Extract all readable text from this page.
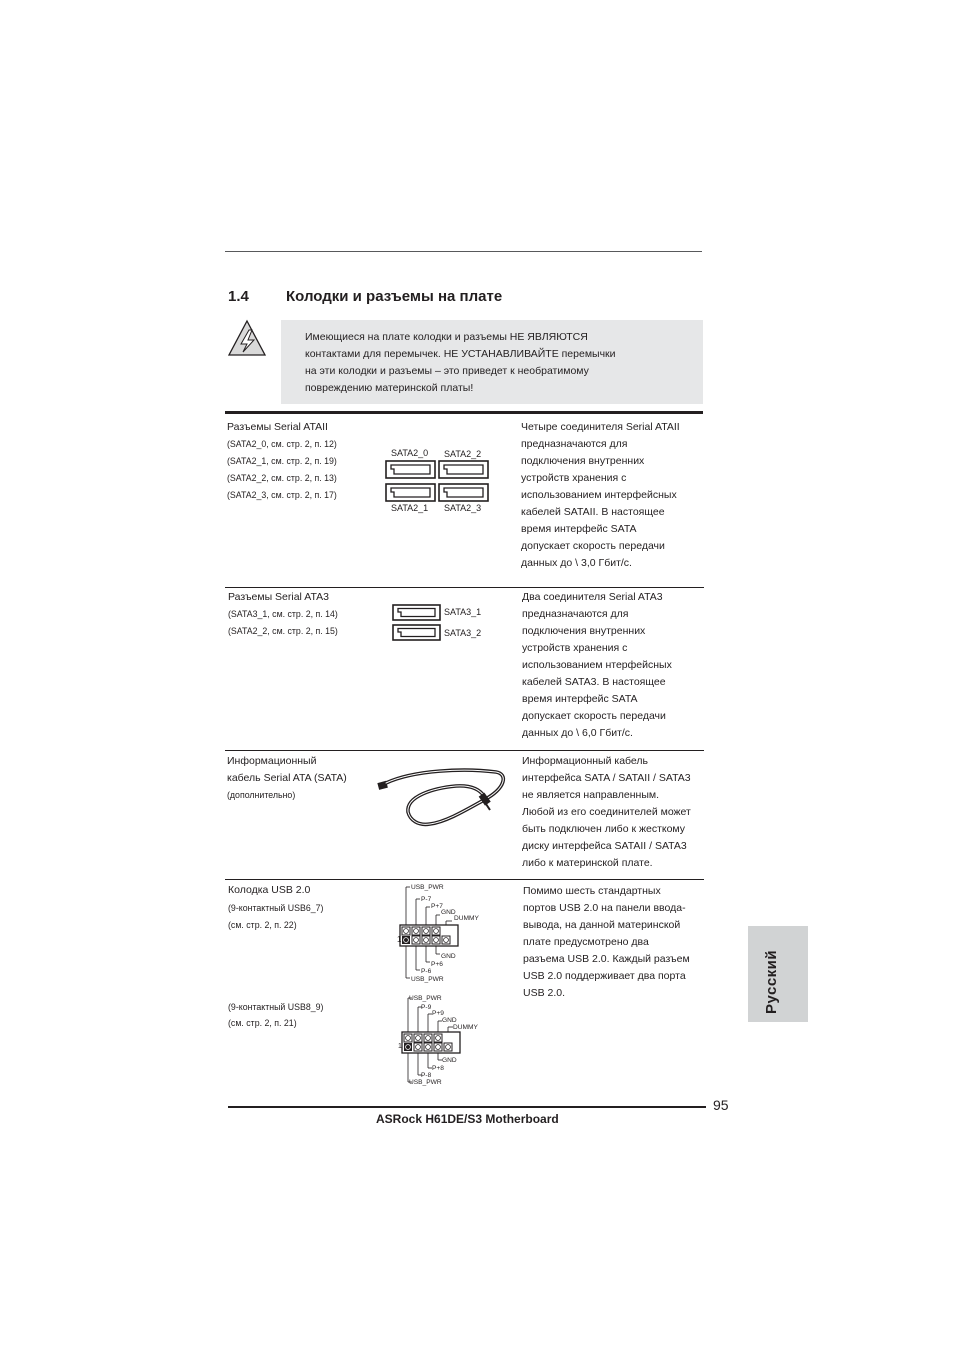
1.4 Колодки и разъемы на плате
Имеющиеся на плате колодки и разъемы НЕ ЯВЛЯЮТСЯ
контактами для перемычек. НЕ УСТАНАВЛИВАЙТЕ перемычки
на эти колодки и разъемы – это приведет к необратимому
повреждению материнской платы!
Разъемы Serial ATAII
(SATA2_0, см. стр. 2, п. 12)
(SATA2_1, см. стр. 2, п. 19)
(SATA2_2, см. стр. 2, п. 13)
(SATA2_3, см. стр. 2, п. 17)
SATA2_0 SATA2_2
SATA2_1 SATA2_3
Четыре соединителя Serial ATAII
предназначаются для
подключения внутренних
устройств хранения с
использованием интерфейсных
кабелей SATAII. В настоящее
время интерфейс SATA
допускает скорость передачи
данных до \ 3,0 Гбит/с.
Разъемы Serial ATA3
(SATA3_1, см. стр. 2, п. 14)
(SATA2_2, см. стр. 2, п. 15)
SATA3_1
SATA3_2
Два соединителя Serial ATA3
предназначаются для
подключения внутренних
устройств хранения с
использованием нтерфейсных
кабелей SATA3. В настоящее
время интерфейс SATA
допускает скорость передачи
данных до \ 6,0 Гбит/с.
Информационный
кабель Serial ATA (SATA)
(дополнительно)
Информационный кабель
интерфейса SATA / SATAII / SATA3
не является направленным.
Любой из его соединителей может
быть подключен либо к жесткому
диску интерфейса SATAII / SATA3
либо к материнской плате.
Колодка USB 2.0
(9-контактный USB6_7)
(см. стр. 2, п. 22)
(9-контактный USB8_9)
(см. стр. 2, п. 21)
USB_PWR
P-7
P+7
GND
DUMMY
GND
P+6
P-6
USB_PWR
1
USB_PWR
P-9
P+9
GND
DUMMY
GND
P+8
P-8
USB_PWR
1
Помимо шесть стандартных
портов USB 2.0 на панели ввода-
вывода, на данной материнской
плате предусмотрено два
разъема USB 2.0. Каждый разъем
USB 2.0 поддерживает два порта
USB 2.0.	Русский
95
ASRock H61DE/S3 Motherboard
